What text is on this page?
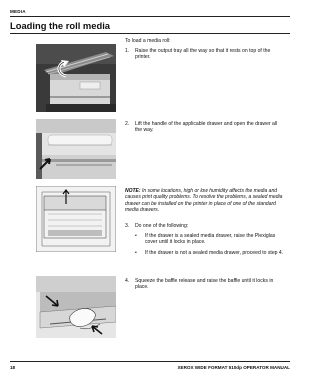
MEDIA
Loading the roll media
To load a media roll:
1. Raise the output tray all the way so that it rests on top of the printer.
2. Lift the handle of the applicable drawer and open the drawer all the way.
NOTE: In some locations, high or low humidity affects the media and causes print quality problems. To resolve the problems, a sealed media drawer can be installed on the printer in place of one of the standard media drawers.
3. Do one of the following:
• If the drawer is a sealed media drawer, raise the Plexiglas cover until it locks in place.
• If the drawer is not a sealed media drawer, proceed to step 4.
4. Squeeze the baffle release and raise the baffle until it locks in place.
18	XEROX WIDE FORMAT 510dp OPERATOR MANUAL
